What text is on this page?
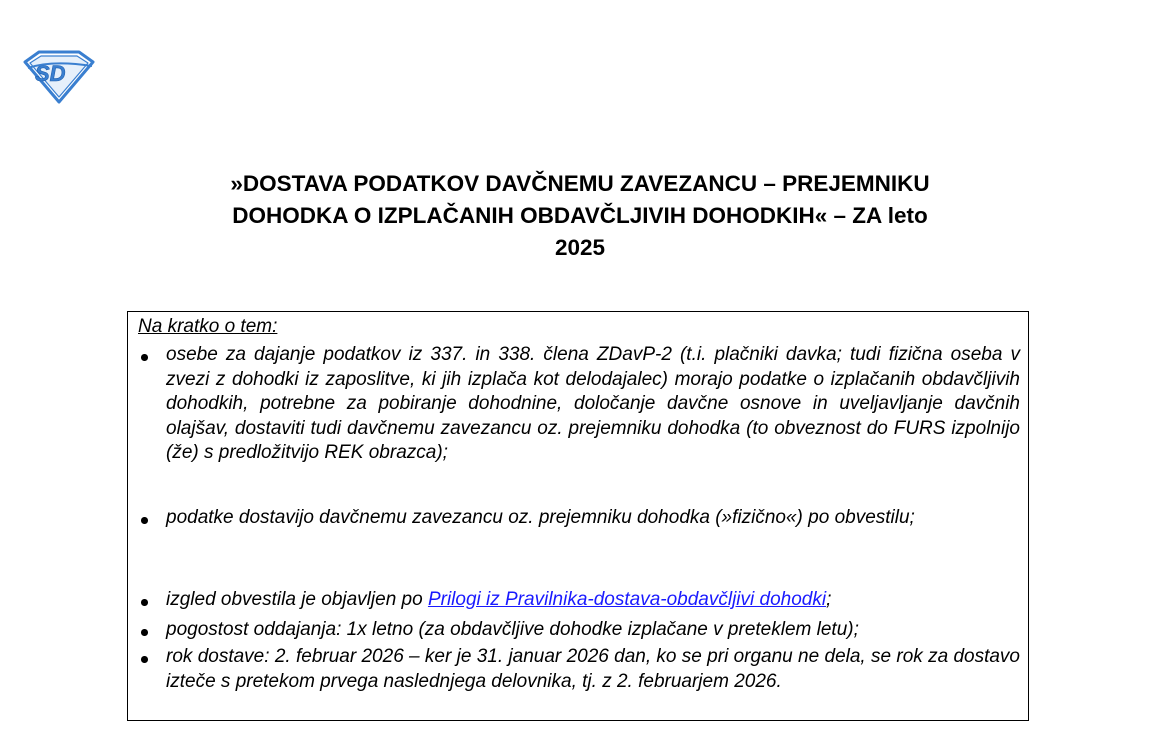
SD
»DOSTAVA PODATKOV DAVČNEMU ZAVEZANCU – PREJEMNIKU
DOHODKA O IZPLAČANIH OBDAVČLJIVIH DOHODKIH« – ZA leto
2025
Na kratko o tem:
osebe za dajanje podatkov iz 337. in 338. člena ZDavP-2 (t.i. plačniki davka; tudi fizična oseba v zvezi z dohodki iz zaposlitve, ki jih izplača kot delodajalec) morajo podatke o izplačanih obdavčljivih dohodkih, potrebne za pobiranje dohodnine, določanje davčne osnove in uveljavljanje davčnih olajšav, dostaviti tudi davčnemu zavezancu oz. prejemniku dohodka (to obveznost do FURS izpolnijo (že) s predložitvijo REK obrazca);
podatke dostavijo davčnemu zavezancu oz. prejemniku dohodka (»fizično«) po obvestilu;
izgled obvestila je objavljen po Prilogi iz Pravilnika-dostava-obdavčljivi dohodki;
pogostost oddajanja: 1x letno (za obdavčljive dohodke izplačane v preteklem letu);
rok dostave: 2. februar 2026 – ker je 31. januar 2026 dan, ko se pri organu ne dela, se rok za dostavo izteče s pretekom prvega naslednjega delovnika, tj. z 2. februarjem 2026.
